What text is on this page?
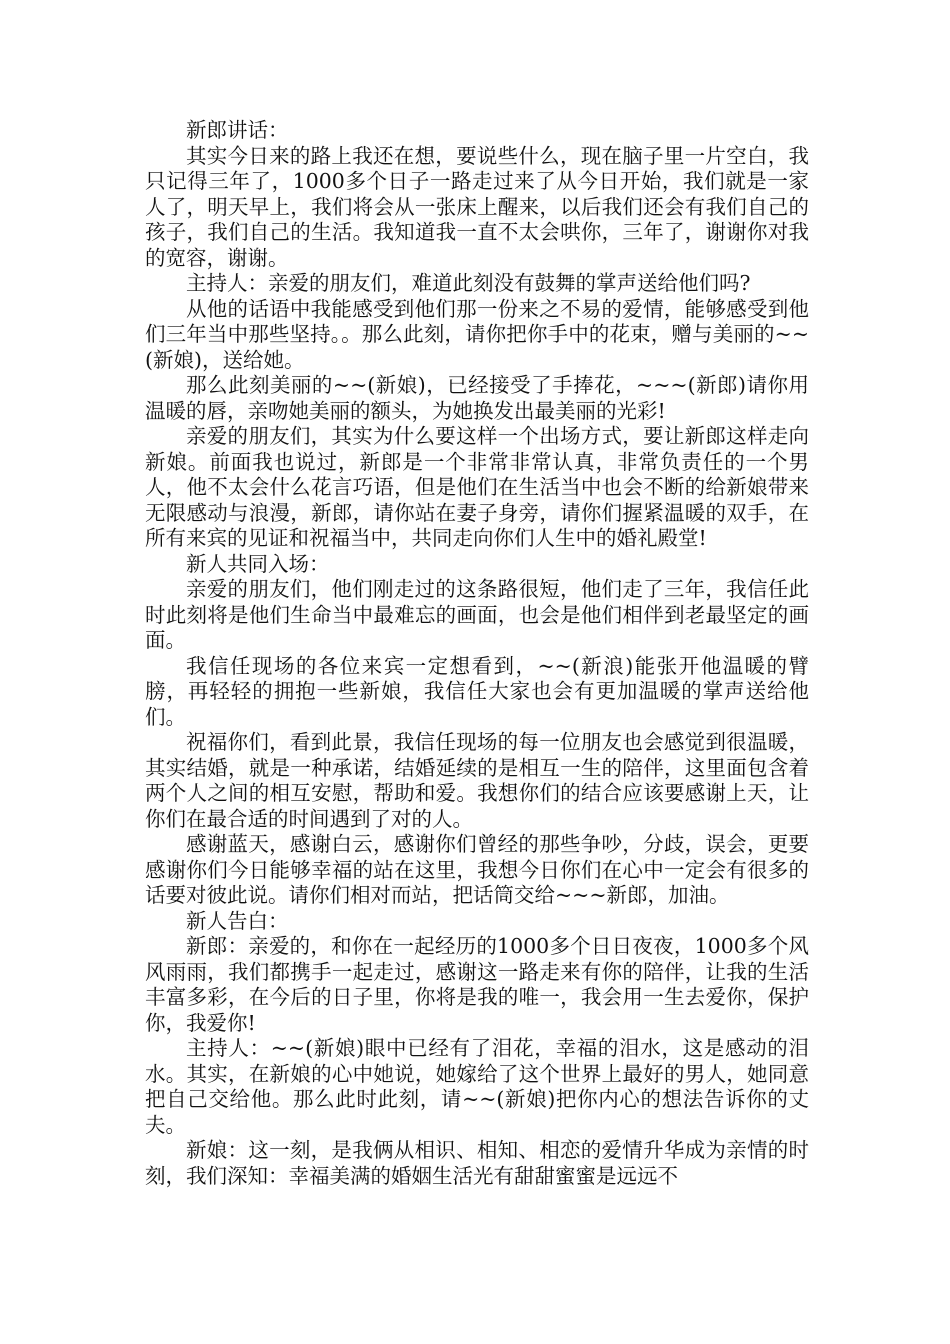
新郎讲话：

其实今日来的路上我还在想，要说些什么，现在脑子里一片空白，我只记得三年了，1000多个日子一路走过来了从今日开始，我们就是一家人了，明天早上，我们将会从一张床上醒来，以后我们还会有我们自己的孩子，我们自己的生活。我知道我一直不太会哄你，三年了，谢谢你对我的宽容，谢谢。

主持人：亲爱的朋友们，难道此刻没有鼓舞的掌声送给他们吗?

从他的话语中我能感受到他们那一份来之不易的爱情，能够感受到他们三年当中那些坚持。。那么此刻，请你把你手中的花束，赠与美丽的~~(新娘)，送给她。

那么此刻美丽的~~(新娘)，已经接受了手捧花，~~~(新郎)请你用温暖的唇，亲吻她美丽的额头，为她换发出最美丽的光彩!

亲爱的朋友们，其实为什么要这样一个出场方式，要让新郎这样走向新娘。前面我也说过，新郎是一个非常非常认真，非常负责任的一个男人，他不太会什么花言巧语，但是他们在生活当中也会不断的给新娘带来无限感动与浪漫，新郎，请你站在妻子身旁，请你们握紧温暖的双手，在所有来宾的见证和祝福当中，共同走向你们人生中的婚礼殿堂!

新人共同入场：

亲爱的朋友们，他们刚走过的这条路很短，他们走了三年，我信任此时此刻将是他们生命当中最难忘的画面，也会是他们相伴到老最坚定的画面。

我信任现场的各位来宾一定想看到，~~(新浪)能张开他温暖的臂膀，再轻轻的拥抱一些新娘，我信任大家也会有更加温暖的掌声送给他们。

祝福你们，看到此景，我信任现场的每一位朋友也会感觉到很温暖，其实结婚，就是一种承诺，结婚延续的是相互一生的陪伴，这里面包含着两个人之间的相互安慰，帮助和爱。我想你们的结合应该要感谢上天，让你们在最合适的时间遇到了对的人。

感谢蓝天，感谢白云，感谢你们曾经的那些争吵，分歧，误会，更要感谢你们今日能够幸福的站在这里，我想今日你们在心中一定会有很多的话要对彼此说。请你们相对而站，把话筒交给~~~新郎，加油。

新人告白：

新郎：亲爱的，和你在一起经历的1000多个日日夜夜，1000多个风风雨雨，我们都携手一起走过，感谢这一路走来有你的陪伴，让我的生活丰富多彩，在今后的日子里，你将是我的唯一，我会用一生去爱你，保护你，我爱你!

主持人：~~(新娘)眼中已经有了泪花，幸福的泪水，这是感动的泪水。其实，在新娘的心中她说，她嫁给了这个世界上最好的男人，她同意把自己交给他。那么此时此刻，请~~(新娘)把你内心的想法告诉你的丈夫。

新娘：这一刻，是我俩从相识、相知、相恋的爱情升华成为亲情的时刻，我们深知：幸福美满的婚姻生活光有甜甜蜜蜜是远远不
